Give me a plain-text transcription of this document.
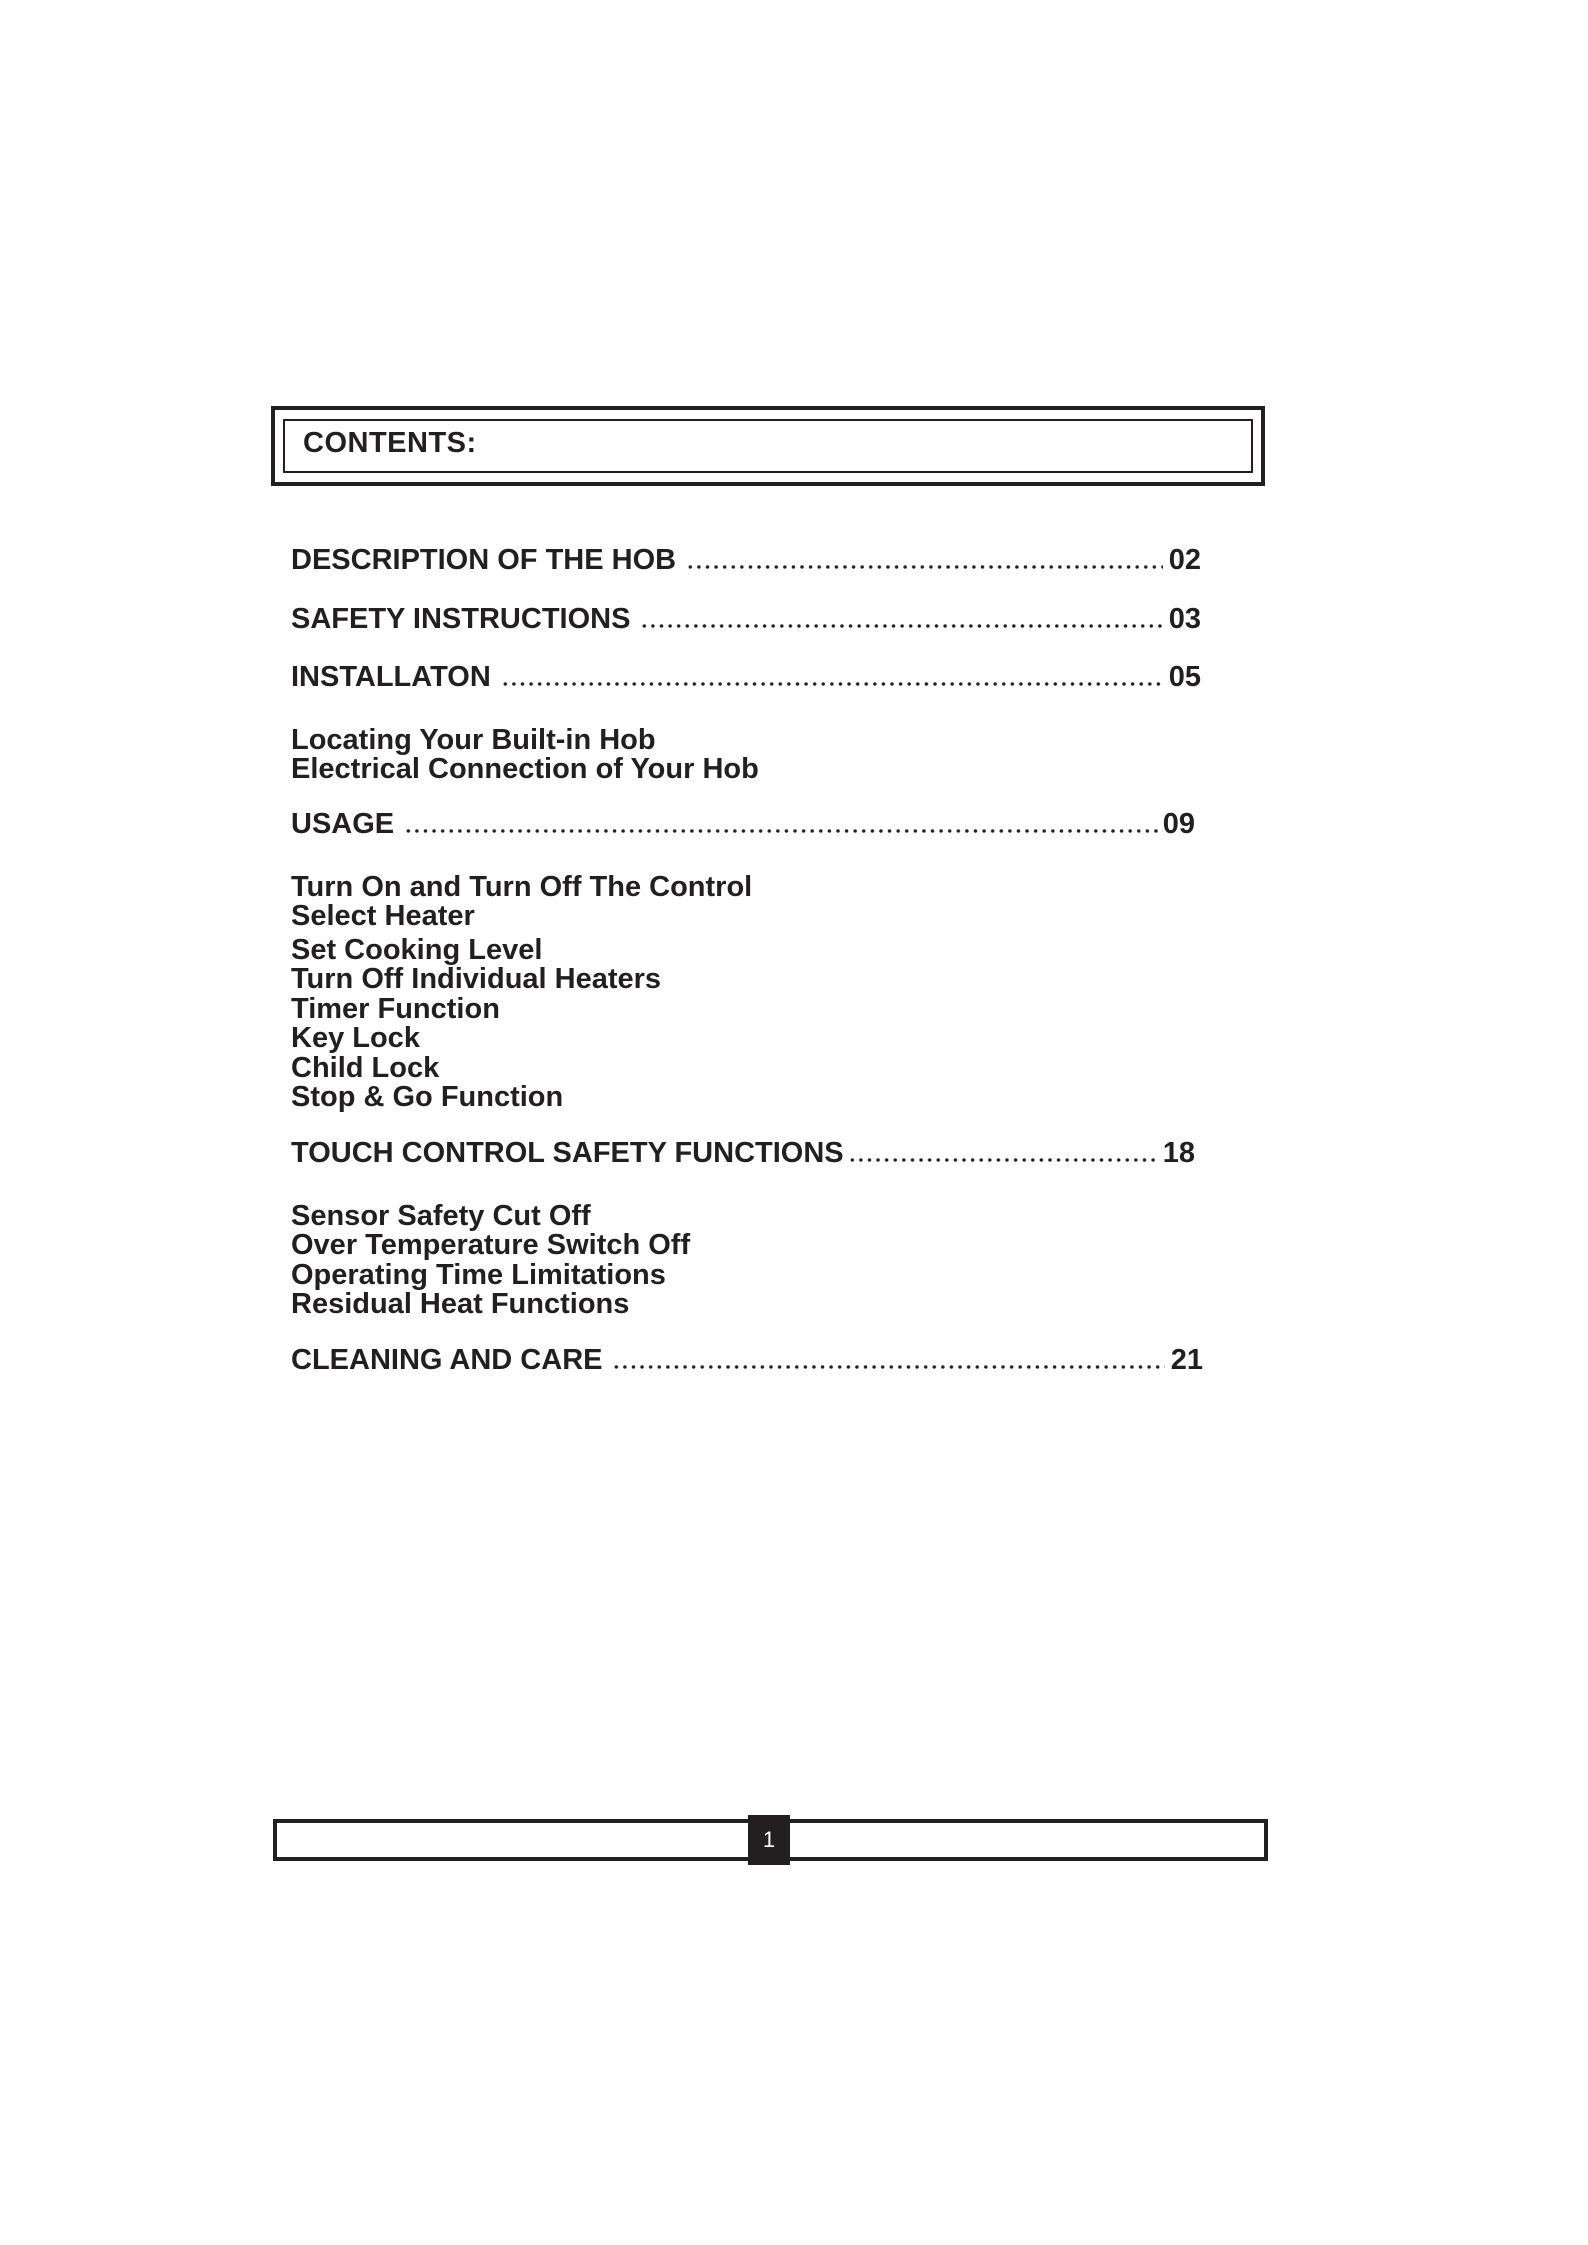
CONTENTS:
DESCRIPTION OF THE HOB	02
SAFETY INSTRUCTIONS	03
INSTALLATON	05
Locating Your Built-in Hob
Electrical Connection of Your Hob
USAGE	09
Turn On and Turn Off The Control
Select Heater
Set Cooking Level
Turn Off Individual Heaters
Timer Function
Key Lock
Child Lock
Stop & Go Function
TOUCH CONTROL SAFETY FUNCTIONS	18
Sensor Safety Cut Off
Over Temperature Switch Off
Operating Time Limitations
Residual Heat Functions
CLEANING AND CARE	21
1
